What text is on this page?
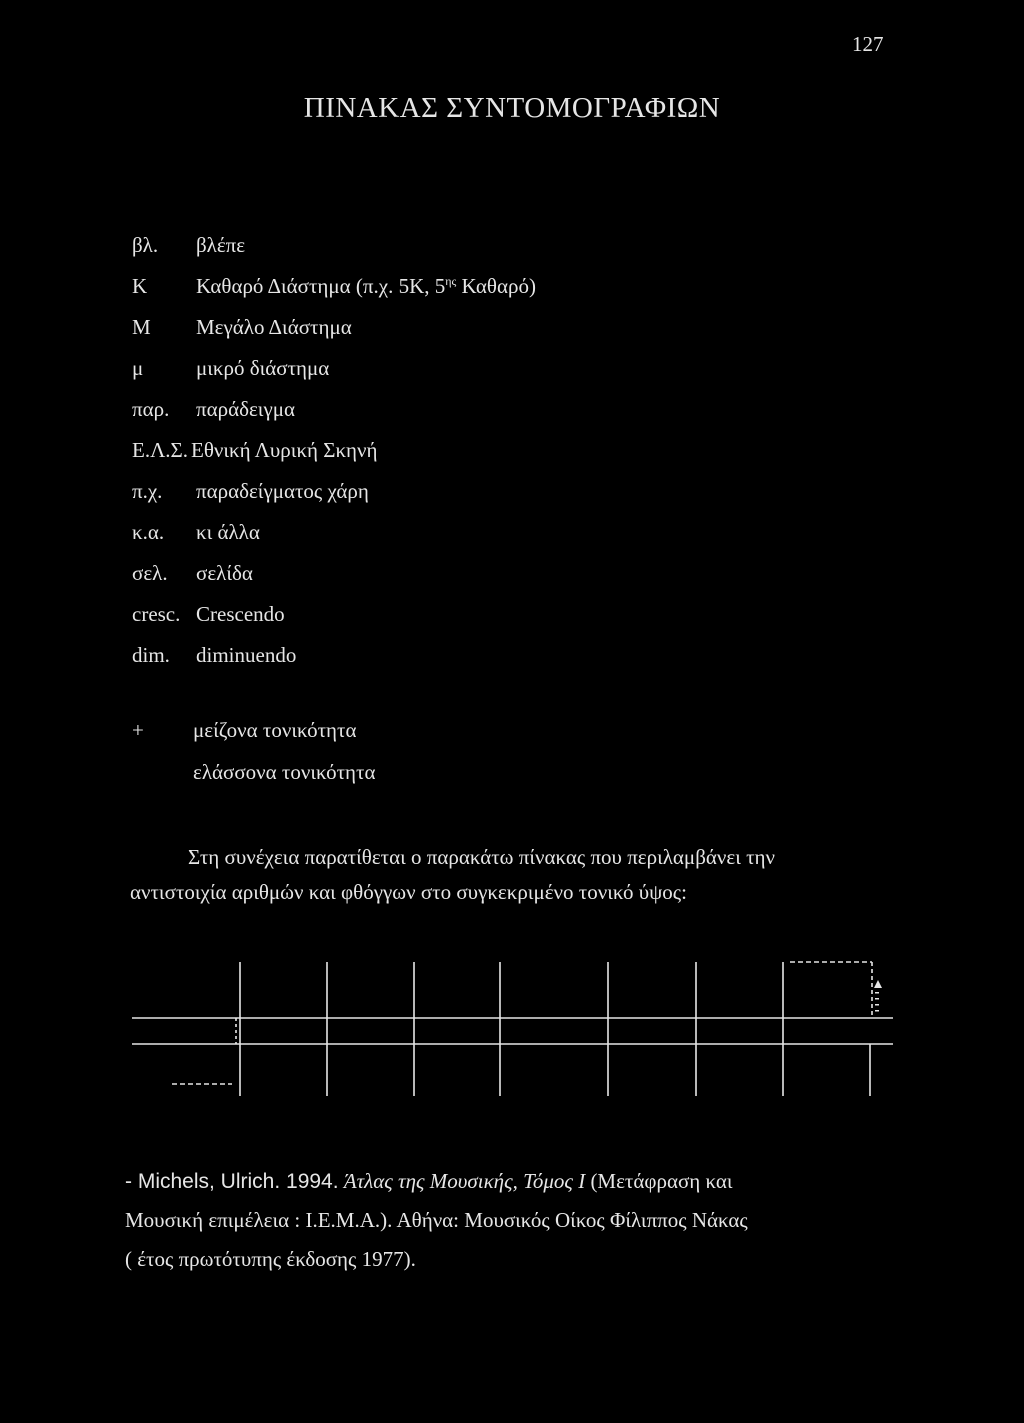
127
ΠΙΝΑΚΑΣ ΣΥΝΤΟΜΟΓΡΑΦΙΩΝ
βλ. βλέπε
Κ Καθαρό Διάστημα (π.χ. 5Κ, $5^{\eta\varsigma}$ Καθαρό)
Μ Μεγάλο Διάστημα
μ	μικρό διάστημα
παρ. παράδειγμα
Ε.Λ.Σ. Εθνική Λυρική Σκηνή
π.χ. παραδείγματος χάρη
κ.α. κι άλλα
σελ. σελίδα
cresc. Crescendo
dim. diminuendo
+ μείζονα τονικότητα
ελάσσονα τονικότητα
Στη συνέχεια παρατίθεται ο παρακάτω πίνακας που περιλαμβάνει την
αντιστοιχία αριθμών και φθόγγων στο συγκεκριμένο τονικό ύψος:
- Michels, Ulrich. 1994. Άτλας της Μουσικής, Τόμος Ι (Μετάφραση και
Μουσική επιμέλεια : Ι.Ε.Μ.Α.). Αθήνα: Μουσικός Οίκος Φίλιππος Νάκας
( έτος πρωτότυπης έκδοσης 1977).
